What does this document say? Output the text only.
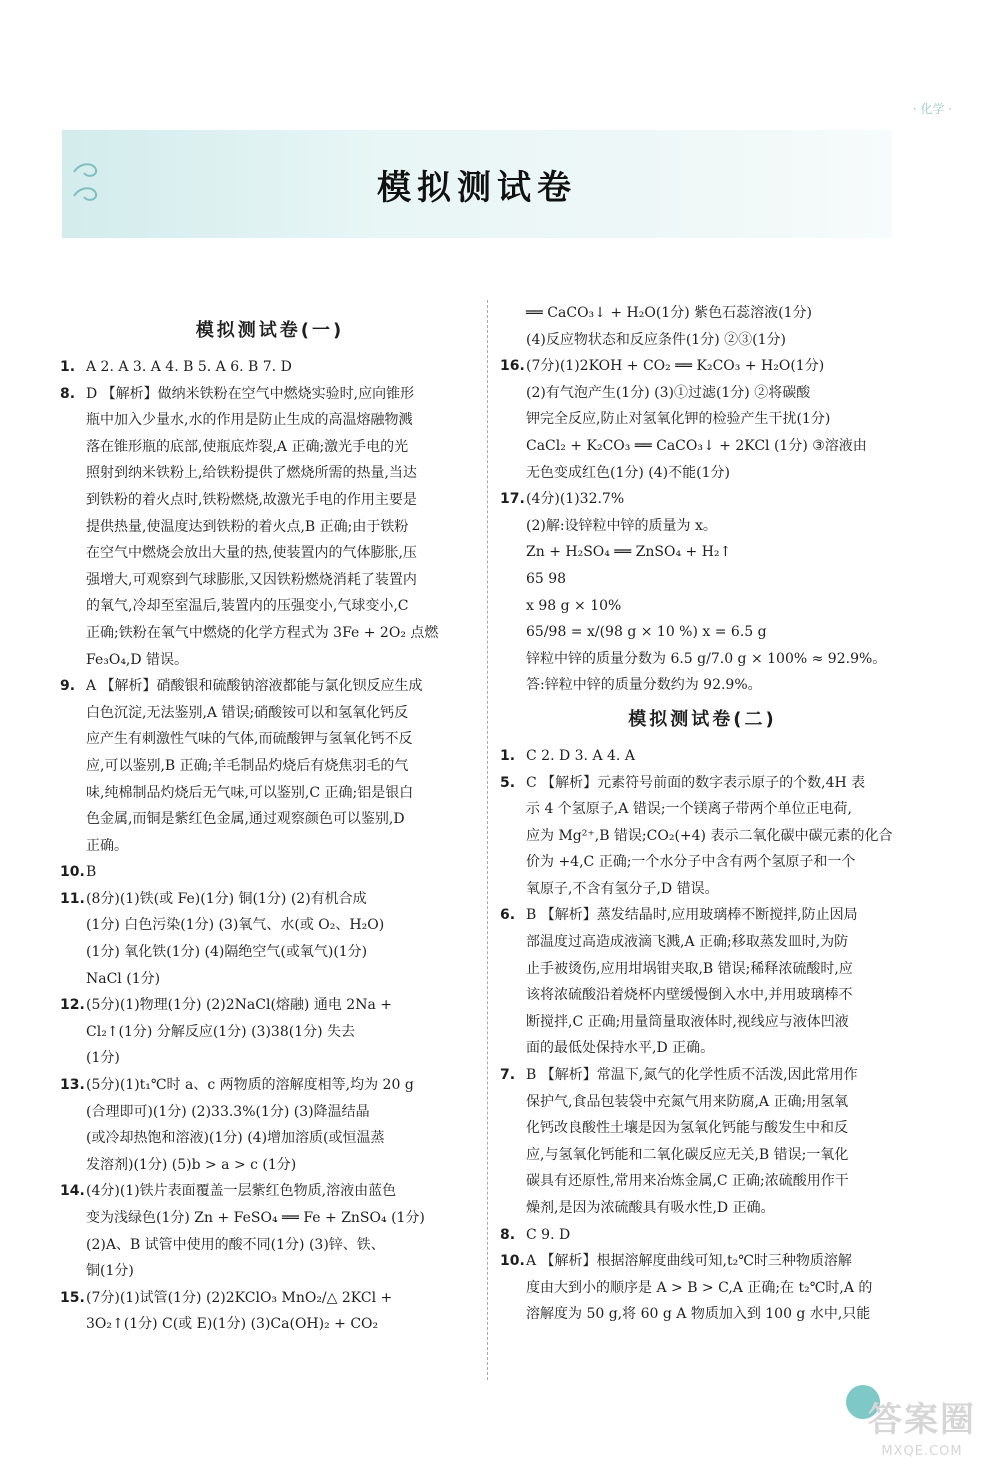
· 化学 ·
模拟测试卷
模拟测试卷(一)
1. A 2. A 3. A 4. B 5. A 6. B 7. D
8. D 【解析】做纳米铁粉在空气中燃烧实验时,应向锥形
瓶中加入少量水,水的作用是防止生成的高温熔融物溅
落在锥形瓶的底部,使瓶底炸裂,A 正确;激光手电的光
照射到纳米铁粉上,给铁粉提供了燃烧所需的热量,当达
到铁粉的着火点时,铁粉燃烧,故激光手电的作用主要是
提供热量,使温度达到铁粉的着火点,B 正确;由于铁粉
在空气中燃烧会放出大量的热,使装置内的气体膨胀,压
强增大,可观察到气球膨胀,又因铁粉燃烧消耗了装置内
的氧气,冷却至室温后,装置内的压强变小,气球变小,C
正确;铁粉在氧气中燃烧的化学方程式为 3Fe + 2O₂ 点燃
Fe₃O₄,D 错误。
9. A 【解析】硝酸银和硫酸钠溶液都能与氯化钡反应生成
白色沉淀,无法鉴别,A 错误;硝酸铵可以和氢氧化钙反
应产生有刺激性气味的气体,而硫酸钾与氢氧化钙不反
应,可以鉴别,B 正确;羊毛制品灼烧后有烧焦羽毛的气
味,纯棉制品灼烧后无气味,可以鉴别,C 正确;铝是银白
色金属,而铜是紫红色金属,通过观察颜色可以鉴别,D
正确。
10. B
11. (8分)(1)铁(或 Fe)(1分) 铜(1分) (2)有机合成
(1分) 白色污染(1分) (3)氧气、水(或 O₂、H₂O)
(1分) 氧化铁(1分) (4)隔绝空气(或氧气)(1分)
NaCl (1分)
12. (5分)(1)物理(1分) (2)2NaCl(熔融) 通电 2Na +
Cl₂↑(1分) 分解反应(1分) (3)38(1分) 失去
(1分)
13. (5分)(1)t₁℃时 a、c 两物质的溶解度相等,均为 20 g
(合理即可)(1分) (2)33.3%(1分) (3)降温结晶
(或冷却热饱和溶液)(1分) (4)增加溶质(或恒温蒸
发溶剂)(1分) (5)b > a > c (1分)
14. (4分)(1)铁片表面覆盖一层紫红色物质,溶液由蓝色
变为浅绿色(1分) Zn + FeSO₄ ══ Fe + ZnSO₄ (1分)
(2)A、B 试管中使用的酸不同(1分) (3)锌、铁、
铜(1分)
15. (7分)(1)试管(1分) (2)2KClO₃ MnO₂/△ 2KCl +
3O₂↑(1分) C(或 E)(1分) (3)Ca(OH)₂ + CO₂
══ CaCO₃↓ + H₂O(1分) 紫色石蕊溶液(1分)
(4)反应物状态和反应条件(1分) ②③(1分)
16. (7分)(1)2KOH + CO₂ ══ K₂CO₃ + H₂O(1分)
(2)有气泡产生(1分) (3)①过滤(1分) ②将碳酸
钾完全反应,防止对氢氧化钾的检验产生干扰(1分)
CaCl₂ + K₂CO₃ ══ CaCO₃↓ + 2KCl (1分) ③溶液由
无色变成红色(1分) (4)不能(1分)
17. (4分)(1)32.7%
(2)解:设锌粒中锌的质量为 x。
Zn + H₂SO₄ ══ ZnSO₄ + H₂↑
65 98
x 98 g × 10%
65/98 = x/(98 g × 10 %) x = 6.5 g
锌粒中锌的质量分数为 6.5 g/7.0 g × 100% ≈ 92.9%。
答:锌粒中锌的质量分数约为 92.9%。
模拟测试卷(二)
1. C 2. D 3. A 4. A
5. C 【解析】元素符号前面的数字表示原子的个数,4H 表
示 4 个氢原子,A 错误;一个镁离子带两个单位正电荷,
应为 Mg²⁺,B 错误;CO₂(+4) 表示二氧化碳中碳元素的化合
价为 +4,C 正确;一个水分子中含有两个氢原子和一个
氧原子,不含有氢分子,D 错误。
6. B 【解析】蒸发结晶时,应用玻璃棒不断搅拌,防止因局
部温度过高造成液滴飞溅,A 正确;移取蒸发皿时,为防
止手被烫伤,应用坩埚钳夹取,B 错误;稀释浓硫酸时,应
该将浓硫酸沿着烧杯内壁缓慢倒入水中,并用玻璃棒不
断搅拌,C 正确;用量筒量取液体时,视线应与液体凹液
面的最低处保持水平,D 正确。
7. B 【解析】常温下,氮气的化学性质不活泼,因此常用作
保护气,食品包装袋中充氮气用来防腐,A 正确;用氢氧
化钙改良酸性土壤是因为氢氧化钙能与酸发生中和反
应,与氢氧化钙能和二氧化碳反应无关,B 错误;一氧化
碳具有还原性,常用来冶炼金属,C 正确;浓硫酸用作干
燥剂,是因为浓硫酸具有吸水性,D 正确。
8. C 9. D
10. A 【解析】根据溶解度曲线可知,t₂℃时三种物质溶解
度由大到小的顺序是 A > B > C,A 正确;在 t₂℃时,A 的
溶解度为 50 g,将 60 g A 物质加入到 100 g 水中,只能
答案圈
MXQE.COM
